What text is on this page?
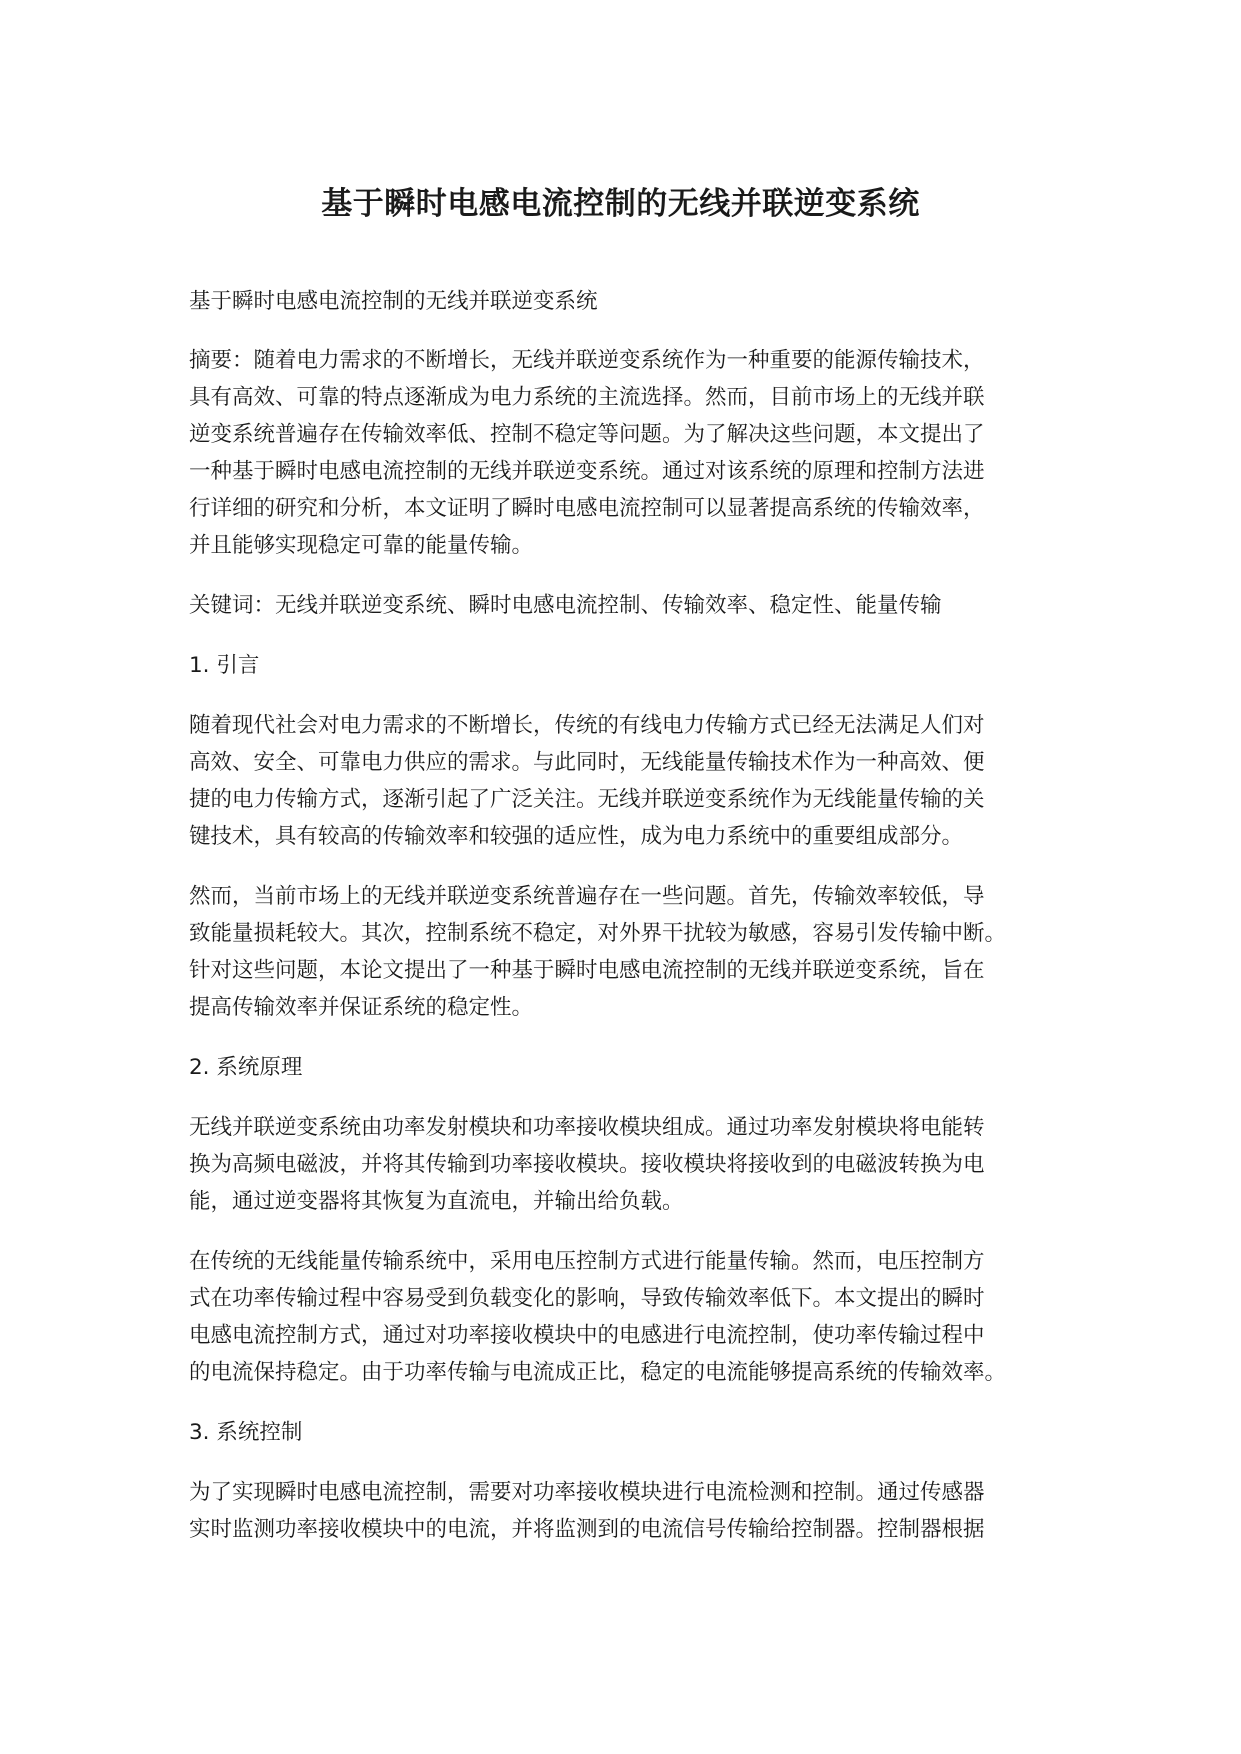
基于瞬时电感电流控制的无线并联逆变系统
基于瞬时电感电流控制的无线并联逆变系统
摘要：随着电力需求的不断增长，无线并联逆变系统作为一种重要的能源传输技术，
具有高效、可靠的特点逐渐成为电力系统的主流选择。然而，目前市场上的无线并联
逆变系统普遍存在传输效率低、控制不稳定等问题。为了解决这些问题，本文提出了
一种基于瞬时电感电流控制的无线并联逆变系统。通过对该系统的原理和控制方法进
行详细的研究和分析，本文证明了瞬时电感电流控制可以显著提高系统的传输效率，
并且能够实现稳定可靠的能量传输。
关键词：无线并联逆变系统、瞬时电感电流控制、传输效率、稳定性、能量传输
1. 引言
随着现代社会对电力需求的不断增长，传统的有线电力传输方式已经无法满足人们对
高效、安全、可靠电力供应的需求。与此同时，无线能量传输技术作为一种高效、便
捷的电力传输方式，逐渐引起了广泛关注。无线并联逆变系统作为无线能量传输的关
键技术，具有较高的传输效率和较强的适应性，成为电力系统中的重要组成部分。
然而，当前市场上的无线并联逆变系统普遍存在一些问题。首先，传输效率较低，导
致能量损耗较大。其次，控制系统不稳定，对外界干扰较为敏感，容易引发传输中断。
针对这些问题，本论文提出了一种基于瞬时电感电流控制的无线并联逆变系统，旨在
提高传输效率并保证系统的稳定性。
2. 系统原理
无线并联逆变系统由功率发射模块和功率接收模块组成。通过功率发射模块将电能转
换为高频电磁波，并将其传输到功率接收模块。接收模块将接收到的电磁波转换为电
能，通过逆变器将其恢复为直流电，并输出给负载。
在传统的无线能量传输系统中，采用电压控制方式进行能量传输。然而，电压控制方
式在功率传输过程中容易受到负载变化的影响，导致传输效率低下。本文提出的瞬时
电感电流控制方式，通过对功率接收模块中的电感进行电流控制，使功率传输过程中
的电流保持稳定。由于功率传输与电流成正比，稳定的电流能够提高系统的传输效率。
3. 系统控制
为了实现瞬时电感电流控制，需要对功率接收模块进行电流检测和控制。通过传感器
实时监测功率接收模块中的电流，并将监测到的电流信号传输给控制器。控制器根据
